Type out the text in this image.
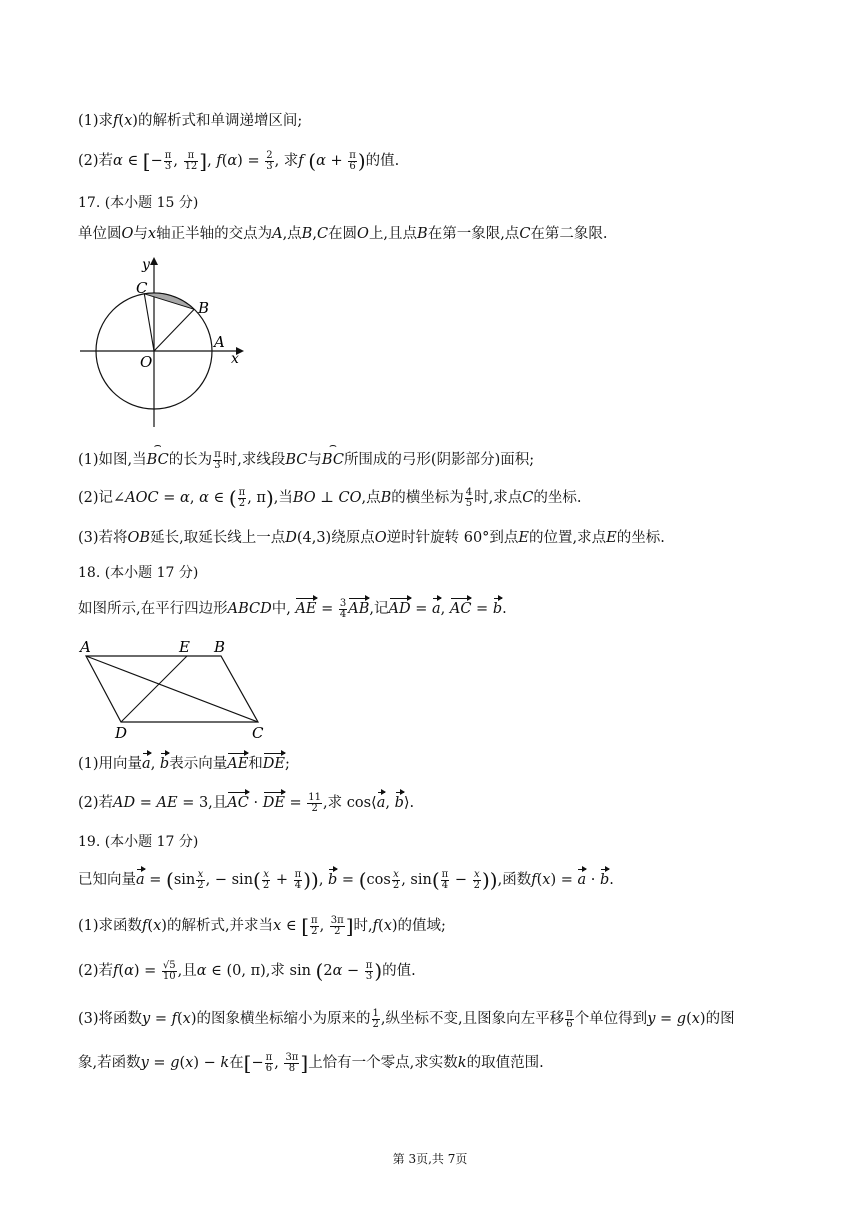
(1)求f(x)的解析式和单调递增区间;
(2)若α ∈ [− $\frac{\pi}{3}$ , $\frac{\pi}{12}$ ], $f(\alpha) = \frac{2}{3}$ , 求f ($\alpha + \frac{\pi}{6}$ )的值.
17. (本小题 15 分)
单位圆O与x轴正半轴的交点为A,点B,C在圆O上,且点B在第一象限,点C在第二象限.
y
x
O
A
B
C
(1)如图,当⌢ BC的长为 $\frac{\pi}{3}$ 时,求线段BC与⌢ BC所围成的弓形(阴影部分)面积;
(2)记∠AOC = α, α ∈ ( $\frac{\pi}{2}$ , π),当BO ⊥ CO,点B的横坐标为 $\frac{4}{5}$ 时,求点C的坐标.
(3)若将OB延长,取延长线上一点D(4,3)绕原点O逆时针旋转 60°到点E的位置,求点E的坐标.
18. (本小题 17 分)
如图所示,在平行四边形ABCD中, AE = $\frac{3}{4}$ AB,记AD = a, AC = b.
A	E B
D	C
(1)用向量a, b表示向量AE和DE;
(2)若AD = AE = 3,且AC · DE = $\frac{11}{2}$ ,求 cos⟨a, b⟩.
19. (本小题 17 分)
已知向量$a = (\sin \frac{x}{2}$ , − $\sin( \frac{x}{2} + \frac{\pi}{4}$ )), $b = (\cos \frac{x}{2}$ , $\sin( \frac{\pi}{4} - \frac{x}{2}$ )),函数f(x) = a · b.
(1)求函数f(x)的解析式,并求当x ∈ [ $\frac{\pi}{2}$ , $\frac{3\pi}{2}$ ]时,f(x)的值域;
(2)若$f(\alpha) = \frac{√5}{10}$ ,且α ∈ (0, π),求 $\sin (2\alpha - \frac{\pi}{3}$ )的值.
(3)将函数y = f(x)的图象横坐标缩小为原来的 $\frac{1}{2}$ ,纵坐标不变,且图象向左平移 $\frac{\pi}{6}$ 个单位得到y = g(x)的图
象,若函数y = g(x) − k在[− $\frac{\pi}{6}$ , $\frac{3\pi}{8}$ ]上恰有一个零点,求实数k的取值范围.
第 3页,共 7页
